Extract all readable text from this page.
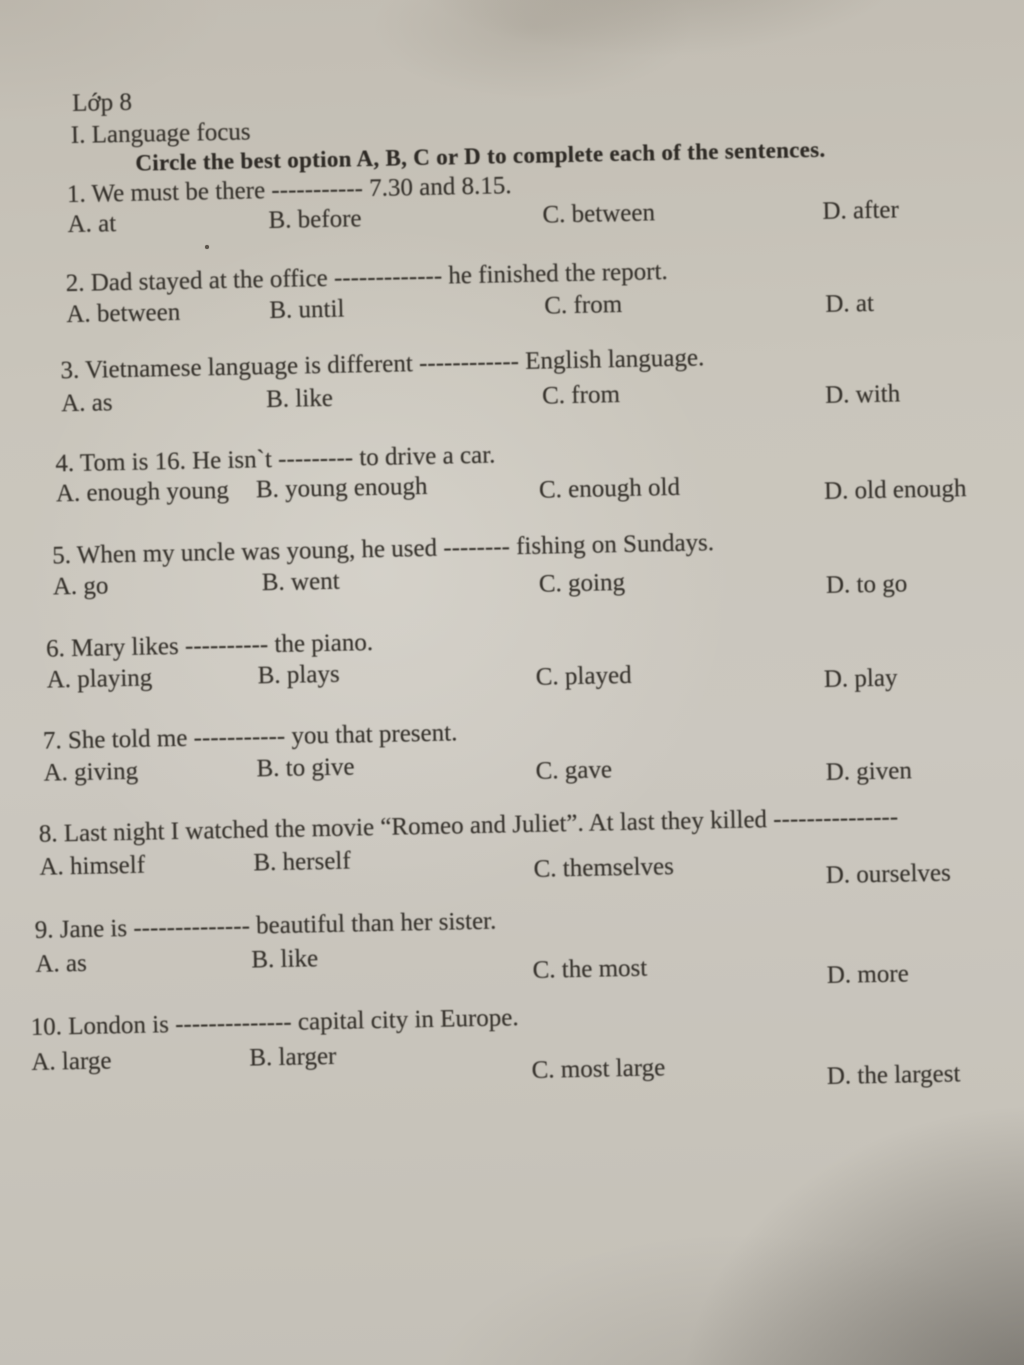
Lớp 8
I. Language focus
Circle the best option A, B, C or D to complete each of the sentences.
1. We must be there ----------- 7.30 and 8.15.
A. at	B. before	C. between	D. after
2. Dad stayed at the office ------------- he finished the report.
A. between	B. until	C. from	D. at
3. Vietnamese language is different ------------ English language.
A. as	B. like	C. from	D. with
4. Tom is 16. He isn`t --------- to drive a car.
A. enough young B. young enough	C. enough old	D. old enough
5. When my uncle was young, he used -------- fishing on Sundays.
A. go	B. went	C. going	D. to go
6. Mary likes ---------- the piano.
A. playing	B. plays	C. played	D. play
7. She told me ----------- you that present.
A. giving	B. to give	C. gave	D. given
8. Last night I watched the movie “Romeo and Juliet”. At last they killed ---------------
A. himself	B. herself	C. themselves	D. ourselves
9. Jane is -------------- beautiful than her sister.
A. as	B. like	C. the most	D. more
10. London is -------------- capital city in Europe.
A. large	B. larger	C. most large	D. the largest
